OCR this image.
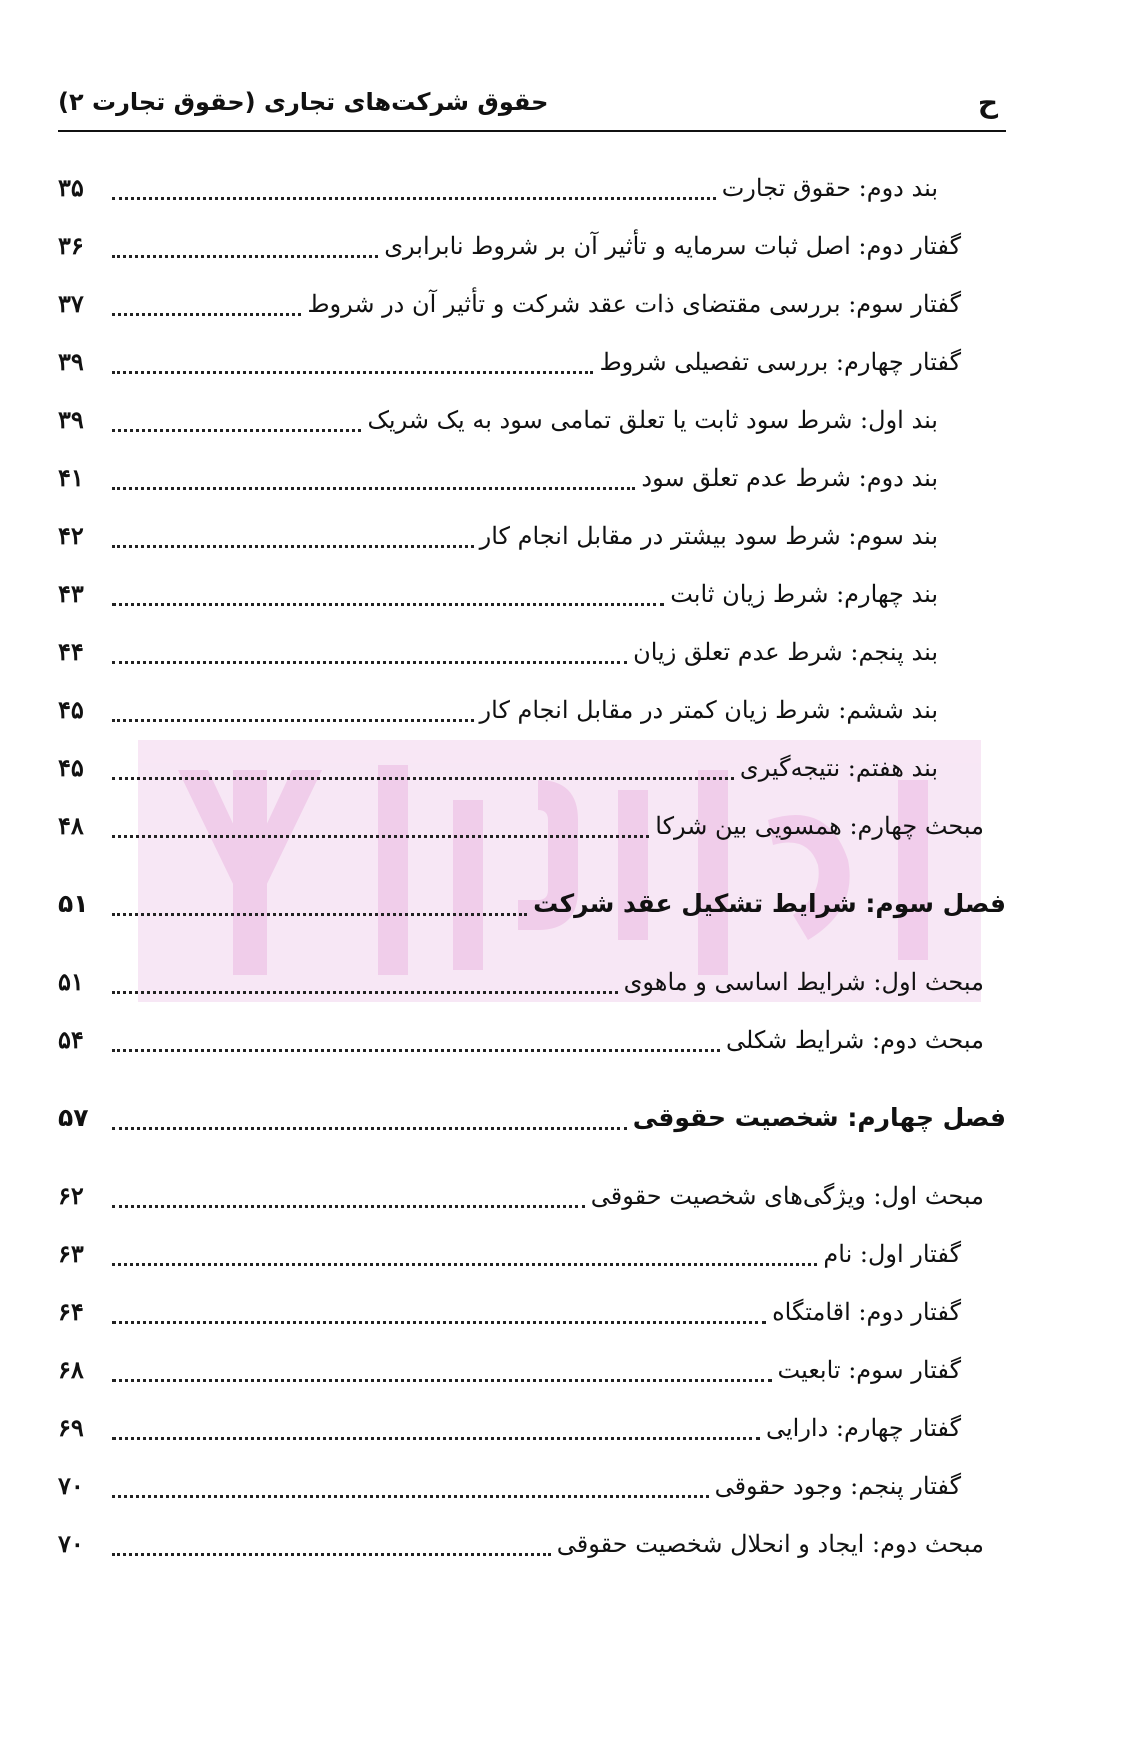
حقوق شرکت‌های تجاری (حقوق تجارت ۲)	ح
بند دوم: حقوق تجارت
۳۵
گفتار دوم: اصل ثبات سرمایه و تأثیر آن بر شروط نابرابری
۳۶
گفتار سوم: بررسی مقتضای ذات عقد شرکت و تأثیر آن در شروط
۳۷
گفتار چهارم: بررسی تفصیلی شروط
۳۹
بند اول: شرط سود ثابت یا تعلق تمامی سود به یک شریک
۳۹
بند دوم: شرط عدم تعلق سود
۴۱
بند سوم: شرط سود بیشتر در مقابل انجام کار
۴۲
بند چهارم: شرط زیان ثابت
۴۳
بند پنجم: شرط عدم تعلق زیان
۴۴
بند ششم: شرط زیان کمتر در مقابل انجام کار
۴۵
بند هفتم: نتیجه‌گیری
۴۵
مبحث چهارم: همسویی بین شرکا
۴۸
فصل سوم: شرایط تشکیل عقد شرکت
۵۱
مبحث اول: شرایط اساسی و ماهوی
۵۱
مبحث دوم: شرایط شکلی
۵۴
فصل چهارم: شخصیت حقوقی
۵۷
مبحث اول: ویژگی‌های شخصیت حقوقی
۶۲
گفتار اول: نام
۶۳
گفتار دوم: اقامتگاه
۶۴
گفتار سوم: تابعیت
۶۸
گفتار چهارم: دارایی
۶۹
گفتار پنجم: وجود حقوقی
۷۰
مبحث دوم: ایجاد و انحلال شخصیت حقوقی
۷۰
